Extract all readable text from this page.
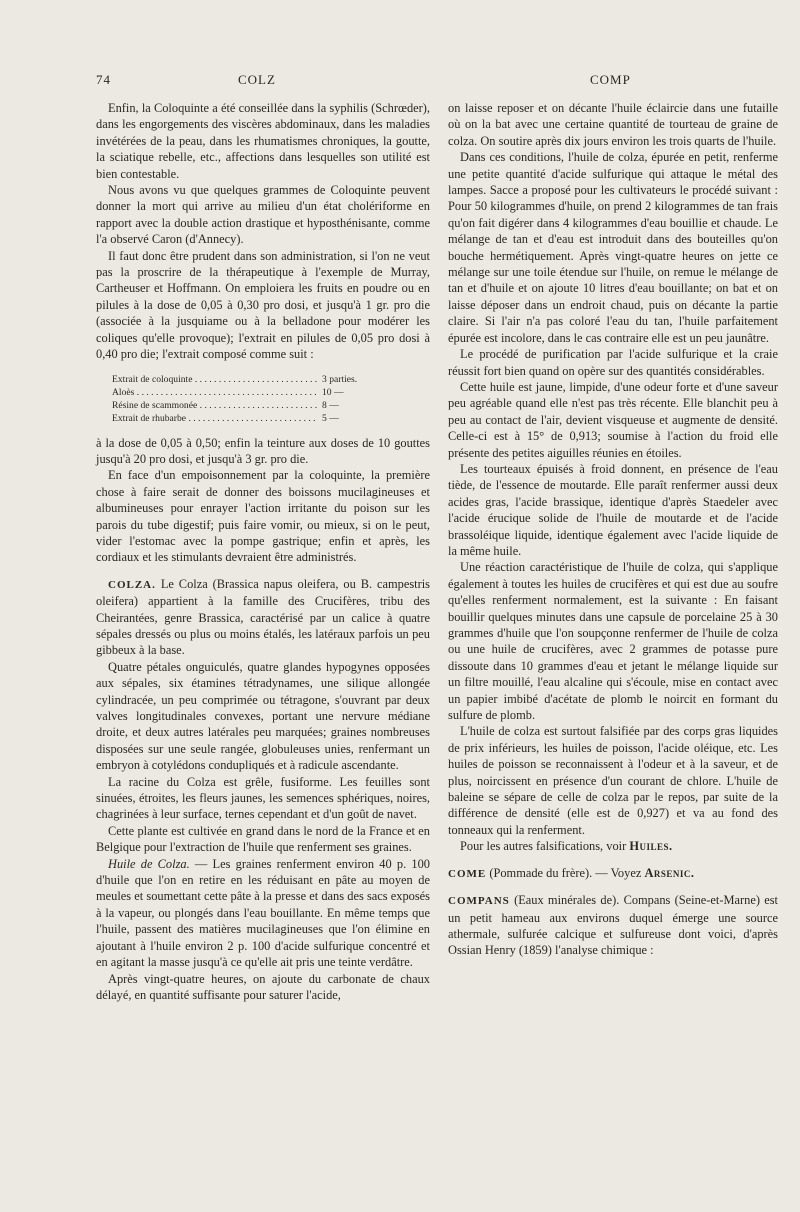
74	COLZ	COMP

Enfin, la Coloquinte a été conseillée dans la syphilis (Schrœder), dans les engorgements des viscères abdominaux, dans les maladies invétérées de la peau, dans les rhumatismes chroniques, la goutte, la sciatique rebelle, etc., affections dans lesquelles son utilité est bien contestable.

Nous avons vu que quelques grammes de Coloquinte peuvent donner la mort qui arrive au milieu d'un état cholériforme en rapport avec la double action drastique et hyposthénisante, comme l'a observé Caron (d'Annecy).

Il faut donc être prudent dans son administration, si l'on ne veut pas la proscrire de la thérapeutique à l'exemple de Murray, Cartheuser et Hoffmann. On emploiera les fruits en poudre ou en pilules à la dose de 0,05 à 0,30 pro dosi, et jusqu'à 1 gr. pro die (associée à la jusquiame ou à la belladone pour modérer les coliques qu'elle provoque); l'extrait en pilules de 0,05 pro dosi à 0,40 pro die; l'extrait composé comme suit :

Extrait de coloquinte . . .	3 parties.
Aloès . . .	10 —
Résine de scammonée . . .	8 —
Extrait de rhubarbe . . .	5 —

à la dose de 0,05 à 0,50; enfin la teinture aux doses de 10 gouttes jusqu'à 20 pro dosi, et jusqu'à 3 gr. pro die.

En face d'un empoisonnement par la coloquinte, la première chose à faire serait de donner des boissons mucilagineuses et albumineuses pour enrayer l'action irritante du poison sur les parois du tube digestif; puis faire vomir, ou mieux, si on le peut, vider l'estomac avec la pompe gastrique; enfin et après, les cordiaux et les stimulants devraient être administrés.

COLZA. Le Colza (Brassica napus oleifera, ou B. campestris oleifera) appartient à la famille des Crucifères, tribu des Cheirantées, genre Brassica, caractérisé par un calice à quatre sépales dressés ou plus ou moins étalés, les latéraux parfois un peu gibbeux à la base.

Quatre pétales onguiculés, quatre glandes hypogynes opposées aux sépales, six étamines tétradynames, une silique allongée cylindracée, un peu comprimée ou tétragone, s'ouvrant par deux valves longitudinales convexes, portant une nervure médiane droite, et deux autres latérales peu marquées; graines nombreuses disposées sur une seule rangée, globuleuses unies, renfermant un embryon à cotylédons condupliqués et à radicule ascendante.

La racine du Colza est grêle, fusiforme. Les feuilles sont sinuées, étroites, les fleurs jaunes, les semences sphériques, noires, chagrinées à leur surface, ternes cependant et d'un goût de navet.

Cette plante est cultivée en grand dans le nord de la France et en Belgique pour l'extraction de l'huile que renferment ses graines.

Huile de Colza. — Les graines renferment environ 40 p. 100 d'huile que l'on en retire en les réduisant en pâte au moyen de meules et soumettant cette pâte à la presse et dans des sacs exposés à la vapeur, ou plongés dans l'eau bouillante. En même temps que l'huile, passent des matières mucilagineuses que l'on élimine en ajoutant à l'huile environ 2 p. 100 d'acide sulfurique concentré et en agitant la masse jusqu'à ce qu'elle ait pris une teinte verdâtre.

Après vingt-quatre heures, on ajoute du carbonate de chaux délayé, en quantité suffisante pour saturer l'acide,

on laisse reposer et on décante l'huile éclaircie dans une futaille où on la bat avec une certaine quantité de tourteau de graine de colza. On soutire après dix jours environ les trois quarts de l'huile.

Dans ces conditions, l'huile de colza, épurée en petit, renferme une petite quantité d'acide sulfurique qui attaque le métal des lampes. Sacce a proposé pour les cultivateurs le procédé suivant : Pour 50 kilogrammes d'huile, on prend 2 kilogrammes de tan frais qu'on fait digérer dans 4 kilogrammes d'eau bouillie et chaude. Le mélange de tan et d'eau est introduit dans des bouteilles qu'on bouche hermétiquement. Après vingt-quatre heures on jette ce mélange sur une toile étendue sur l'huile, on remue le mélange de tan et d'huile et on ajoute 10 litres d'eau bouillante; on bat et on laisse déposer dans un endroit chaud, puis on décante la partie claire. Si l'air n'a pas coloré l'eau du tan, l'huile parfaitement épurée est incolore, dans le cas contraire elle est un peu jaunâtre.

Le procédé de purification par l'acide sulfurique et la craie réussit fort bien quand on opère sur des quantités considérables.

Cette huile est jaune, limpide, d'une odeur forte et d'une saveur peu agréable quand elle n'est pas très récente. Elle blanchit peu à peu au contact de l'air, devient visqueuse et augmente de densité. Celle-ci est à 15° de 0,913; soumise à l'action du froid elle présente des petites aiguilles réunies en étoiles.

Les tourteaux épuisés à froid donnent, en présence de l'eau tiède, de l'essence de moutarde. Elle paraît renfermer aussi deux acides gras, l'acide brassique, identique d'après Staedeler avec l'acide érucique solide de l'huile de moutarde et de l'acide brassoléique liquide, identique également avec l'acide liquide de la même huile.

Une réaction caractéristique de l'huile de colza, qui s'applique également à toutes les huiles de crucifères et qui est due au soufre qu'elles renferment normalement, est la suivante : En faisant bouillir quelques minutes dans une capsule de porcelaine 25 à 30 grammes d'huile que l'on soupçonne renfermer de l'huile de colza ou une huile de crucifères, avec 2 grammes de potasse pure dissoute dans 10 grammes d'eau et jetant le mélange liquide sur un filtre mouillé, l'eau alcaline qui s'écoule, mise en contact avec un papier imbibé d'acétate de plomb le noircit en formant du sulfure de plomb.

L'huile de colza est surtout falsifiée par des corps gras liquides de prix inférieurs, les huiles de poisson, l'acide oléique, etc. Les huiles de poisson se reconnaissent à l'odeur et à la saveur, et de plus, noircissent en présence d'un courant de chlore. L'huile de baleine se sépare de celle de colza par le repos, par suite de la différence de densité (elle est de 0,927) et va au fond des tonneaux qui la renferment.

Pour les autres falsifications, voir Huiles.

COME (Pommade du frère). — Voyez Arsenic.

COMPANS (Eaux minérales de). Compans (Seine-et-Marne) est un petit hameau aux environs duquel émerge une source athermale, sulfurée calcique et sulfureuse dont voici, d'après Ossian Henry (1859) l'analyse chimique :
